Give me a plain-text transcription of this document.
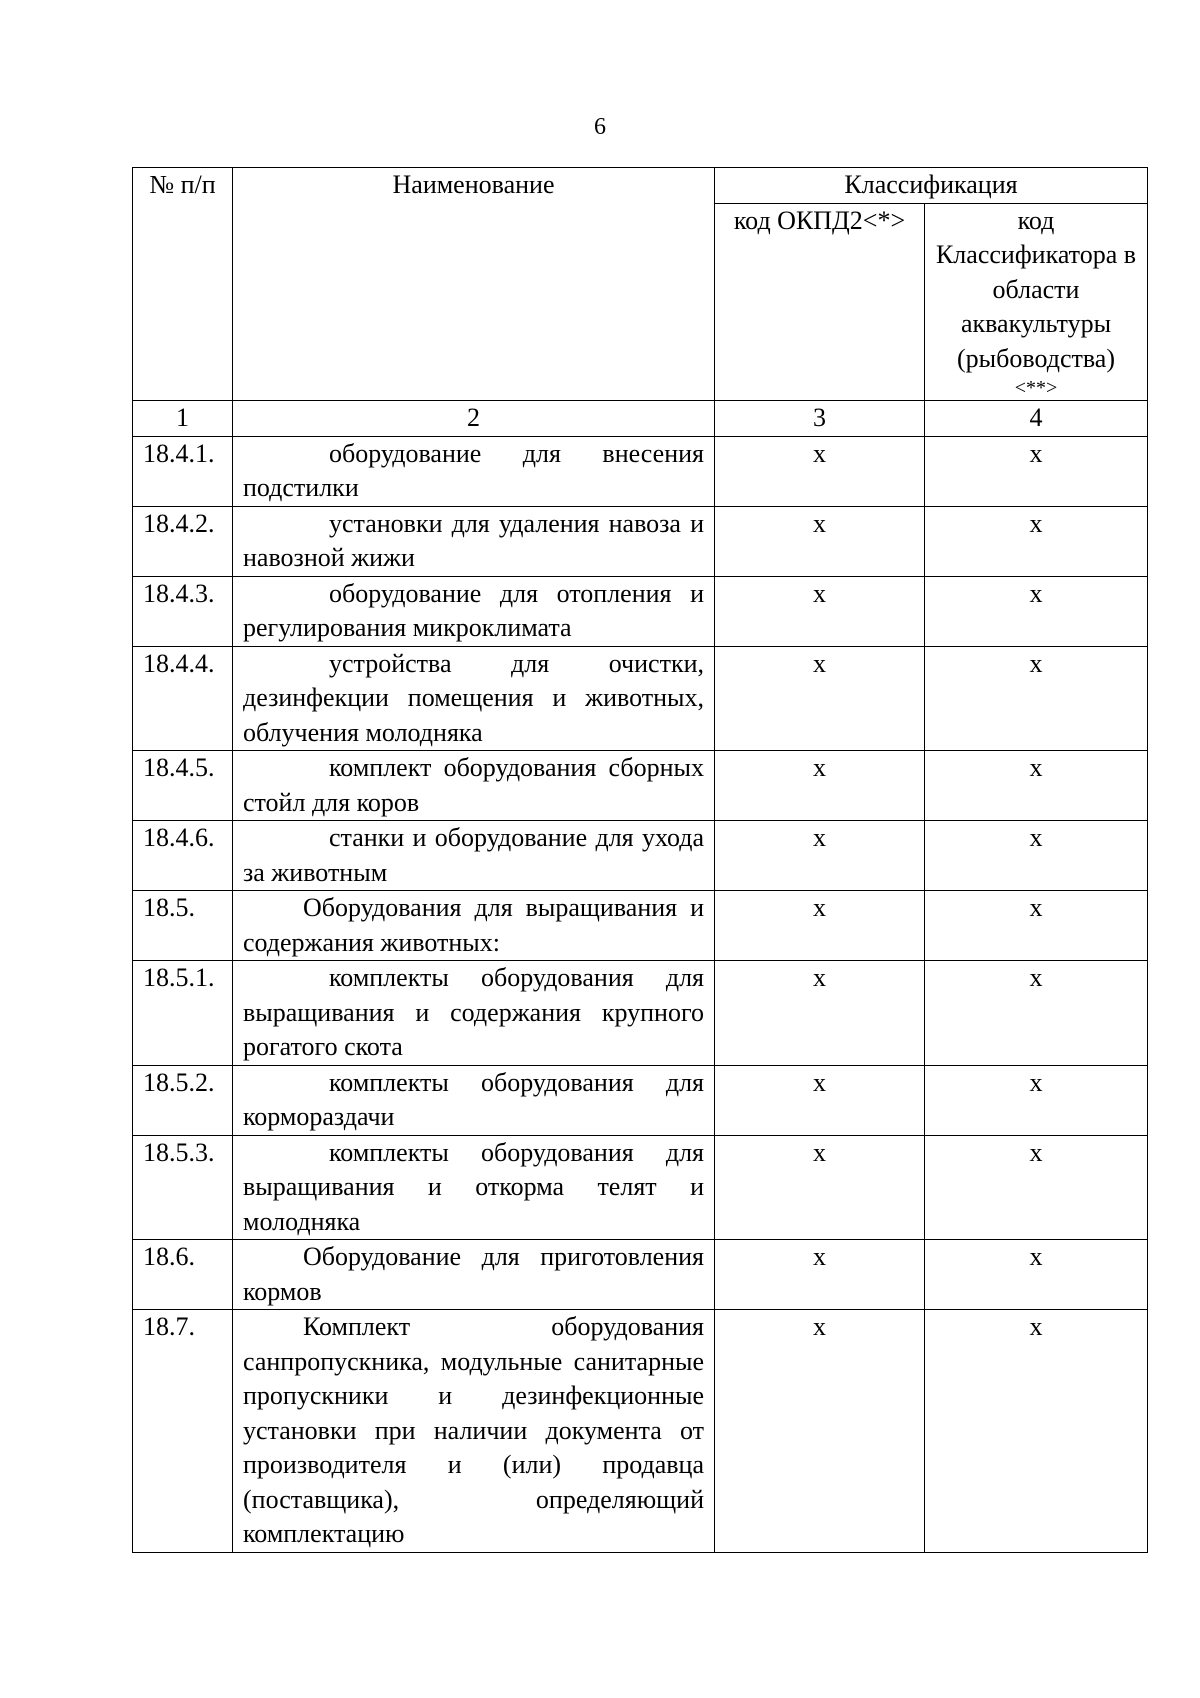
6
№ п/п	Наименование	Классификация	
		код ОКПД2<*>	код Классификатора в области аквакультуры (рыбоводства)
<**>

1	2	3	4
18.4.1.	оборудование для внесения подстилки	x	x
18.4.2.	установки для удаления навоза и навозной жижи	x	x
18.4.3.	оборудование для отопления и регулирования микроклимата	x	x
18.4.4.	устройства для очистки, дезинфекции помещения и животных, облучения молодняка	x	x
18.4.5.	комплект оборудования сборных стойл для коров	x	x
18.4.6.	станки и оборудование для ухода за животным	x	x
18.5.	Оборудования для выращивания и содержания животных:	x	x
18.5.1.	комплекты оборудования для выращивания и содержания крупного рогатого скота	x	x
18.5.2.	комплекты оборудования для кормораздачи	x	x
18.5.3.	комплекты оборудования для выращивания и откорма телят и молодняка	x	x
18.6.	Оборудование для приготовления кормов	x	x
18.7.	Комплект оборудования санпропускника, модульные санитарные пропускники и дезинфекционные установки при наличии документа от производителя и (или) продавца (поставщика), определяющий комплектацию	x	x
